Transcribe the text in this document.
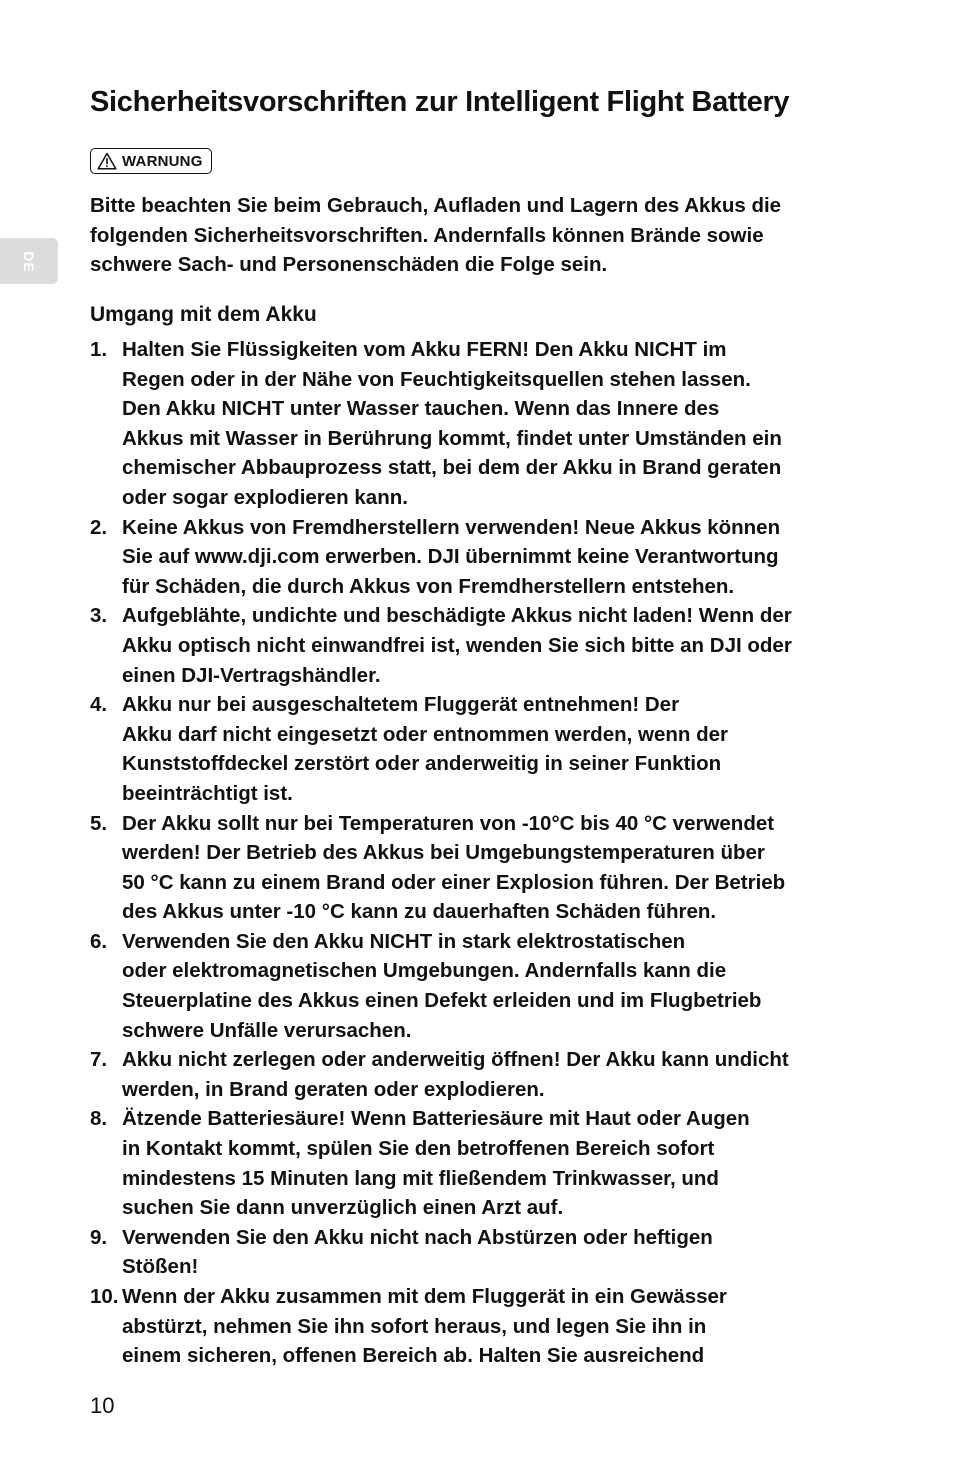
DE
Sicherheitsvorschriften zur Intelligent Flight Battery
WARNUNG

Bitte beachten Sie beim Gebrauch, Aufladen und Lagern des Akkus die
folgenden Sicherheitsvorschriften. Andernfalls können Brände sowie
schwere Sach- und Personenschäden die Folge sein.

Umgang mit dem Akku
1. Halten Sie Flüssigkeiten vom Akku FERN! Den Akku NICHT im
Regen oder in der Nähe von Feuchtigkeitsquellen stehen lassen.
Den Akku NICHT unter Wasser tauchen. Wenn das Innere des
Akkus mit Wasser in Berührung kommt, findet unter Umständen ein
chemischer Abbauprozess statt, bei dem der Akku in Brand geraten
oder sogar explodieren kann.
2. Keine Akkus von Fremdherstellern verwenden! Neue Akkus können
Sie auf www.dji.com erwerben. DJI übernimmt keine Verantwortung
für Schäden, die durch Akkus von Fremdherstellern entstehen.
3. Aufgeblähte, undichte und beschädigte Akkus nicht laden! Wenn der
Akku optisch nicht einwandfrei ist, wenden Sie sich bitte an DJI oder
einen DJI-Vertragshändler.
4. Akku nur bei ausgeschaltetem Fluggerät entnehmen! Der
Akku darf nicht eingesetzt oder entnommen werden, wenn der
Kunststoffdeckel zerstört oder anderweitig in seiner Funktion
beeinträchtigt ist.
5. Der Akku sollt nur bei Temperaturen von -10°C bis 40 °C verwendet
werden! Der Betrieb des Akkus bei Umgebungstemperaturen über
50 °C kann zu einem Brand oder einer Explosion führen. Der Betrieb
des Akkus unter -10 °C kann zu dauerhaften Schäden führen.
6. Verwenden Sie den Akku NICHT in stark elektrostatischen
oder elektromagnetischen Umgebungen. Andernfalls kann die
Steuerplatine des Akkus einen Defekt erleiden und im Flugbetrieb
schwere Unfälle verursachen.
7. Akku nicht zerlegen oder anderweitig öffnen! Der Akku kann undicht
werden, in Brand geraten oder explodieren.
8. Ätzende Batteriesäure! Wenn Batteriesäure mit Haut oder Augen
in Kontakt kommt, spülen Sie den betroffenen Bereich sofort
mindestens 15 Minuten lang mit fließendem Trinkwasser, und
suchen Sie dann unverzüglich einen Arzt auf.
9. Verwenden Sie den Akku nicht nach Abstürzen oder heftigen
Stößen!
10. Wenn der Akku zusammen mit dem Fluggerät in ein Gewässer
abstürzt, nehmen Sie ihn sofort heraus, und legen Sie ihn in
einem sicheren, offenen Bereich ab. Halten Sie ausreichend
10
